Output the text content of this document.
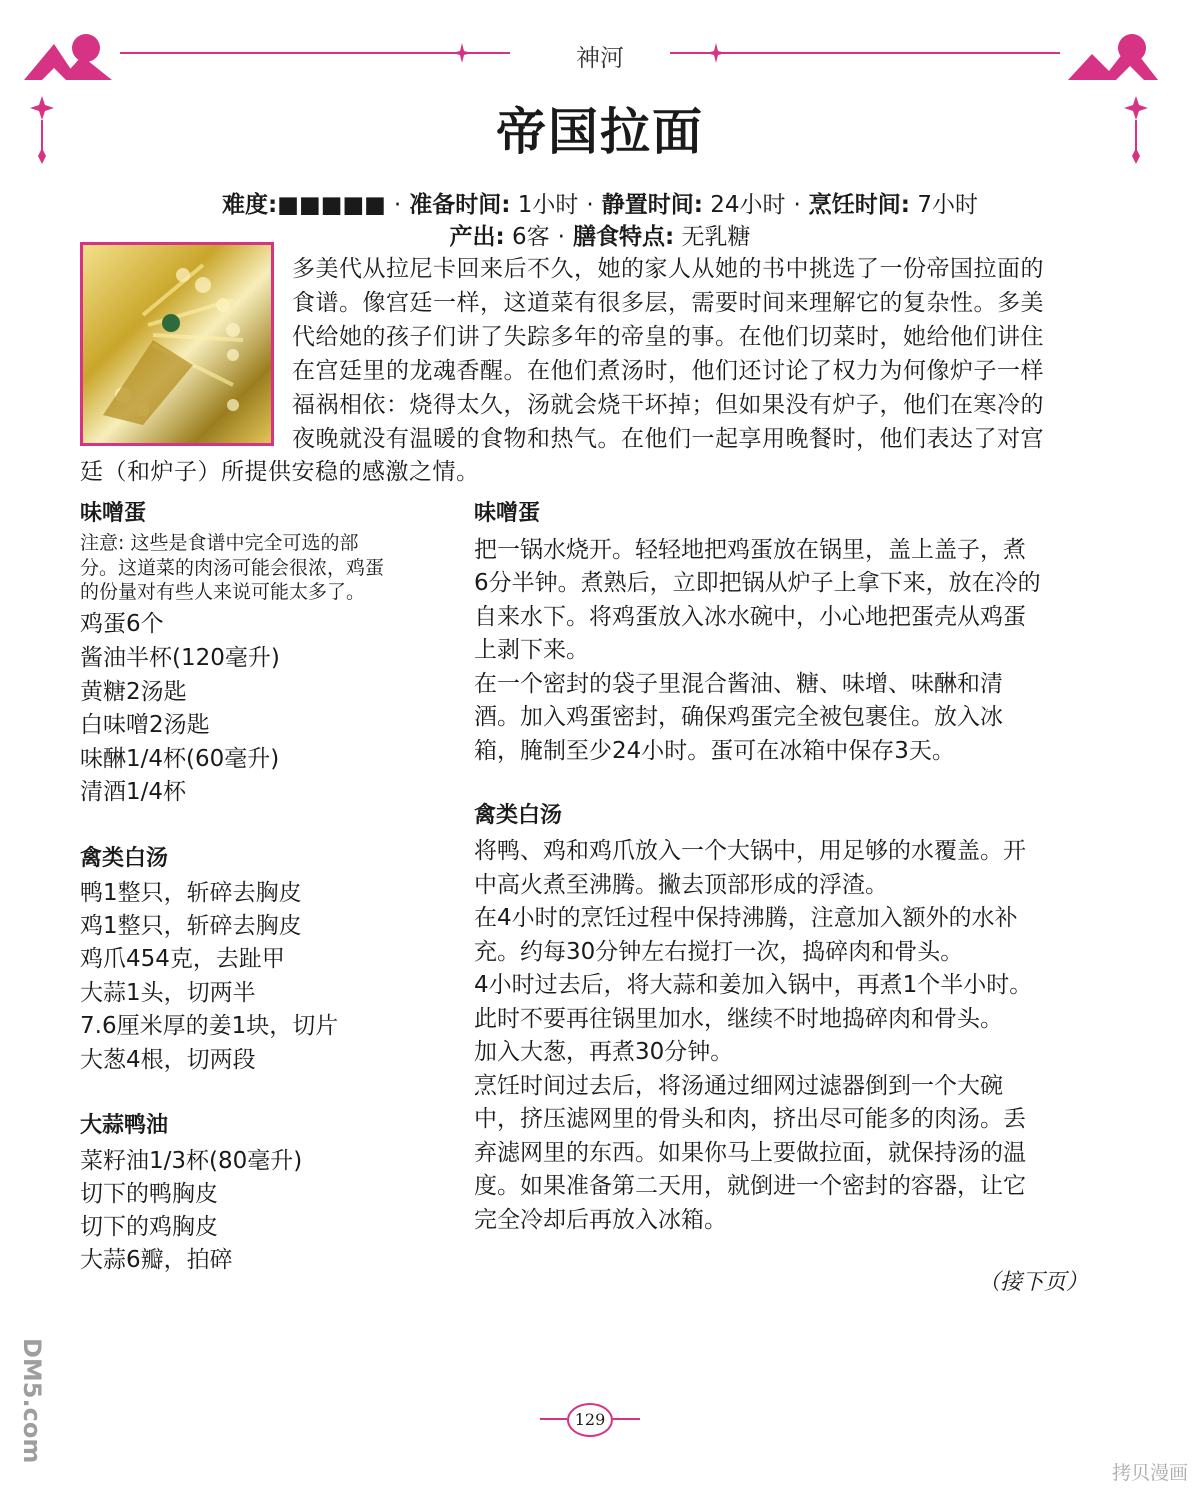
神河
帝国拉面
难度:■■■■■ · 准备时间: 1小时 · 静置时间: 24小时 · 烹饪时间: 7小时
产出: 6客 · 膳食特点: 无乳糖
多美代从拉尼卡回来后不久，她的家人从她的书中挑选了一份帝国拉面的
食谱。像宫廷一样，这道菜有很多层，需要时间来理解它的复杂性。多美
代给她的孩子们讲了失踪多年的帝皇的事。在他们切菜时，她给他们讲住
在宫廷里的龙魂香醒。在他们煮汤时，他们还讨论了权力为何像炉子一样
福祸相依：烧得太久，汤就会烧干坏掉；但如果没有炉子，他们在寒冷的
夜晚就没有温暖的食物和热气。在他们一起享用晚餐时，他们表达了对宫
廷（和炉子）所提供安稳的感激之情。
味噌蛋
注意: 这些是食谱中完全可选的部
分。这道菜的肉汤可能会很浓，鸡蛋
的份量对有些人来说可能太多了。
鸡蛋6个
酱油半杯(120毫升)
黄糖2汤匙
白味噌2汤匙
味醂1/4杯(60毫升)
清酒1/4杯
禽类白汤
鸭1整只，斩碎去胸皮
鸡1整只，斩碎去胸皮
鸡爪454克，去趾甲
大蒜1头，切两半
7.6厘米厚的姜1块，切片
大葱4根，切两段
大蒜鸭油
菜籽油1/3杯(80毫升)
切下的鸭胸皮
切下的鸡胸皮
大蒜6瓣，拍碎
味噌蛋
把一锅水烧开。轻轻地把鸡蛋放在锅里，盖上盖子，煮
6分半钟。煮熟后，立即把锅从炉子上拿下来，放在冷的
自来水下。将鸡蛋放入冰水碗中，小心地把蛋壳从鸡蛋
上剥下来。
在一个密封的袋子里混合酱油、糖、味增、味醂和清
酒。加入鸡蛋密封，确保鸡蛋完全被包裹住。放入冰
箱，腌制至少24小时。蛋可在冰箱中保存3天。
禽类白汤
将鸭、鸡和鸡爪放入一个大锅中，用足够的水覆盖。开
中高火煮至沸腾。撇去顶部形成的浮渣。
在4小时的烹饪过程中保持沸腾，注意加入额外的水补
充。约每30分钟左右搅打一次，捣碎肉和骨头。
4小时过去后，将大蒜和姜加入锅中，再煮1个半小时。
此时不要再往锅里加水，继续不时地捣碎肉和骨头。
加入大葱，再煮30分钟。
烹饪时间过去后，将汤通过细网过滤器倒到一个大碗
中，挤压滤网里的骨头和肉，挤出尽可能多的肉汤。丢
弃滤网里的东西。如果你马上要做拉面，就保持汤的温
度。如果准备第二天用，就倒进一个密封的容器，让它
完全冷却后再放入冰箱。
（接下页）
129
拷贝漫画
DM5.com
